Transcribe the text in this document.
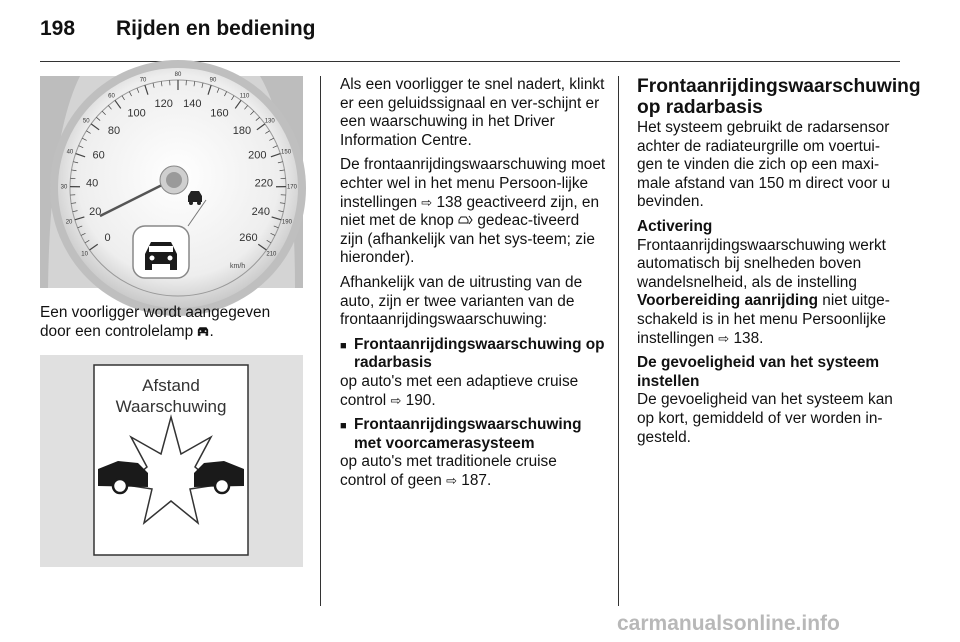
198 Rijden en bediening
10
20
30
40
50
60
70
80
90
110
130
150
170
190
210
0
20
40
60
80
100
120 140
160
180
200
220
240
260
km/h

Een voorligger wordt aangegeven door een controlelamp .

Afstand
Waarschuwing

Als een voorligger te snel nadert, klinkt er een geluidssignaal en ver-schijnt er een waarschuwing in het Driver Information Centre.

De frontaanrijdingswaarschuwing moet echter wel in het menu Persoon-lijke instellingen ⇨ 138 geactiveerd zijn, en niet met de knop gedeac-tiveerd zijn (afhankelijk van het sys-teem; zie hieronder).

Afhankelijk van de uitrusting van de auto, zijn er twee varianten van de frontaanrijdingswaarschuwing:

■ Frontaanrijdingswaarschuwing op radarbasis

op auto's met een adaptieve cruise control ⇨ 190.

■ Frontaanrijdingswaarschuwing met voorcamerasysteem

op auto's met traditionele cruise control of geen ⇨ 187.

Frontaanrijdingswaarschuwing op radarbasis

Het systeem gebruikt de radarsensor achter de radiateurgrille om voertui-gen te vinden die zich op een maxi-male afstand van 150 m direct voor u bevinden.

Activering

Frontaanrijdingswaarschuwing werkt automatisch bij snelheden boven wandelsnelheid, als de instelling Voorbereiding aanrijding niet uitge-schakeld is in het menu Persoonlijke instellingen ⇨ 138.

De gevoeligheid van het systeem instellen

De gevoeligheid van het systeem kan op kort, gemiddeld of ver worden in-gesteld.

carmanualsonline.info
